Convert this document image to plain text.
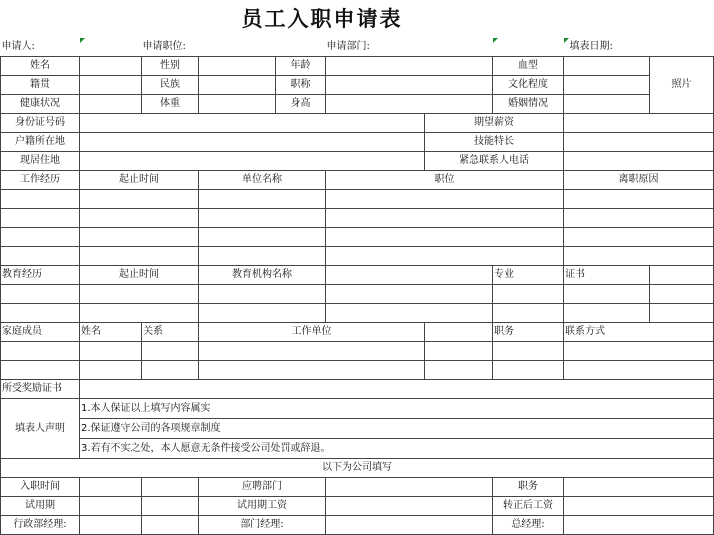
员工入职申请表
申请人:		申请职位:			申请部门:			填表日期:	
姓名		性别		年龄			血型		照片
籍贯		民族		职称			文化程度		
健康状况		体重		身高			婚姻情况		
身份证号码						期望薪资			
户籍所在地						技能特长			
现居住地						紧急联系人电话			
工作经历	起止时间		单位名称		职位			离职原因	

教育经历	起止时间		教育机构名称				专业	证书	

家庭成员	姓名	关系	工作单位				职务	联系方式	

所受奖励证书									
填表人声明	1.本人保证以上填写内容属实								
	2.保证遵守公司的各项规章制度								
	3.若有不实之处，本人愿意无条件接受公司处罚或辞退。								
以下为公司填写									
入职时间			应聘部门				职务		
试用期			试用期工资				转正后工资		
行政部经理:			部门经理:				总经理:		
